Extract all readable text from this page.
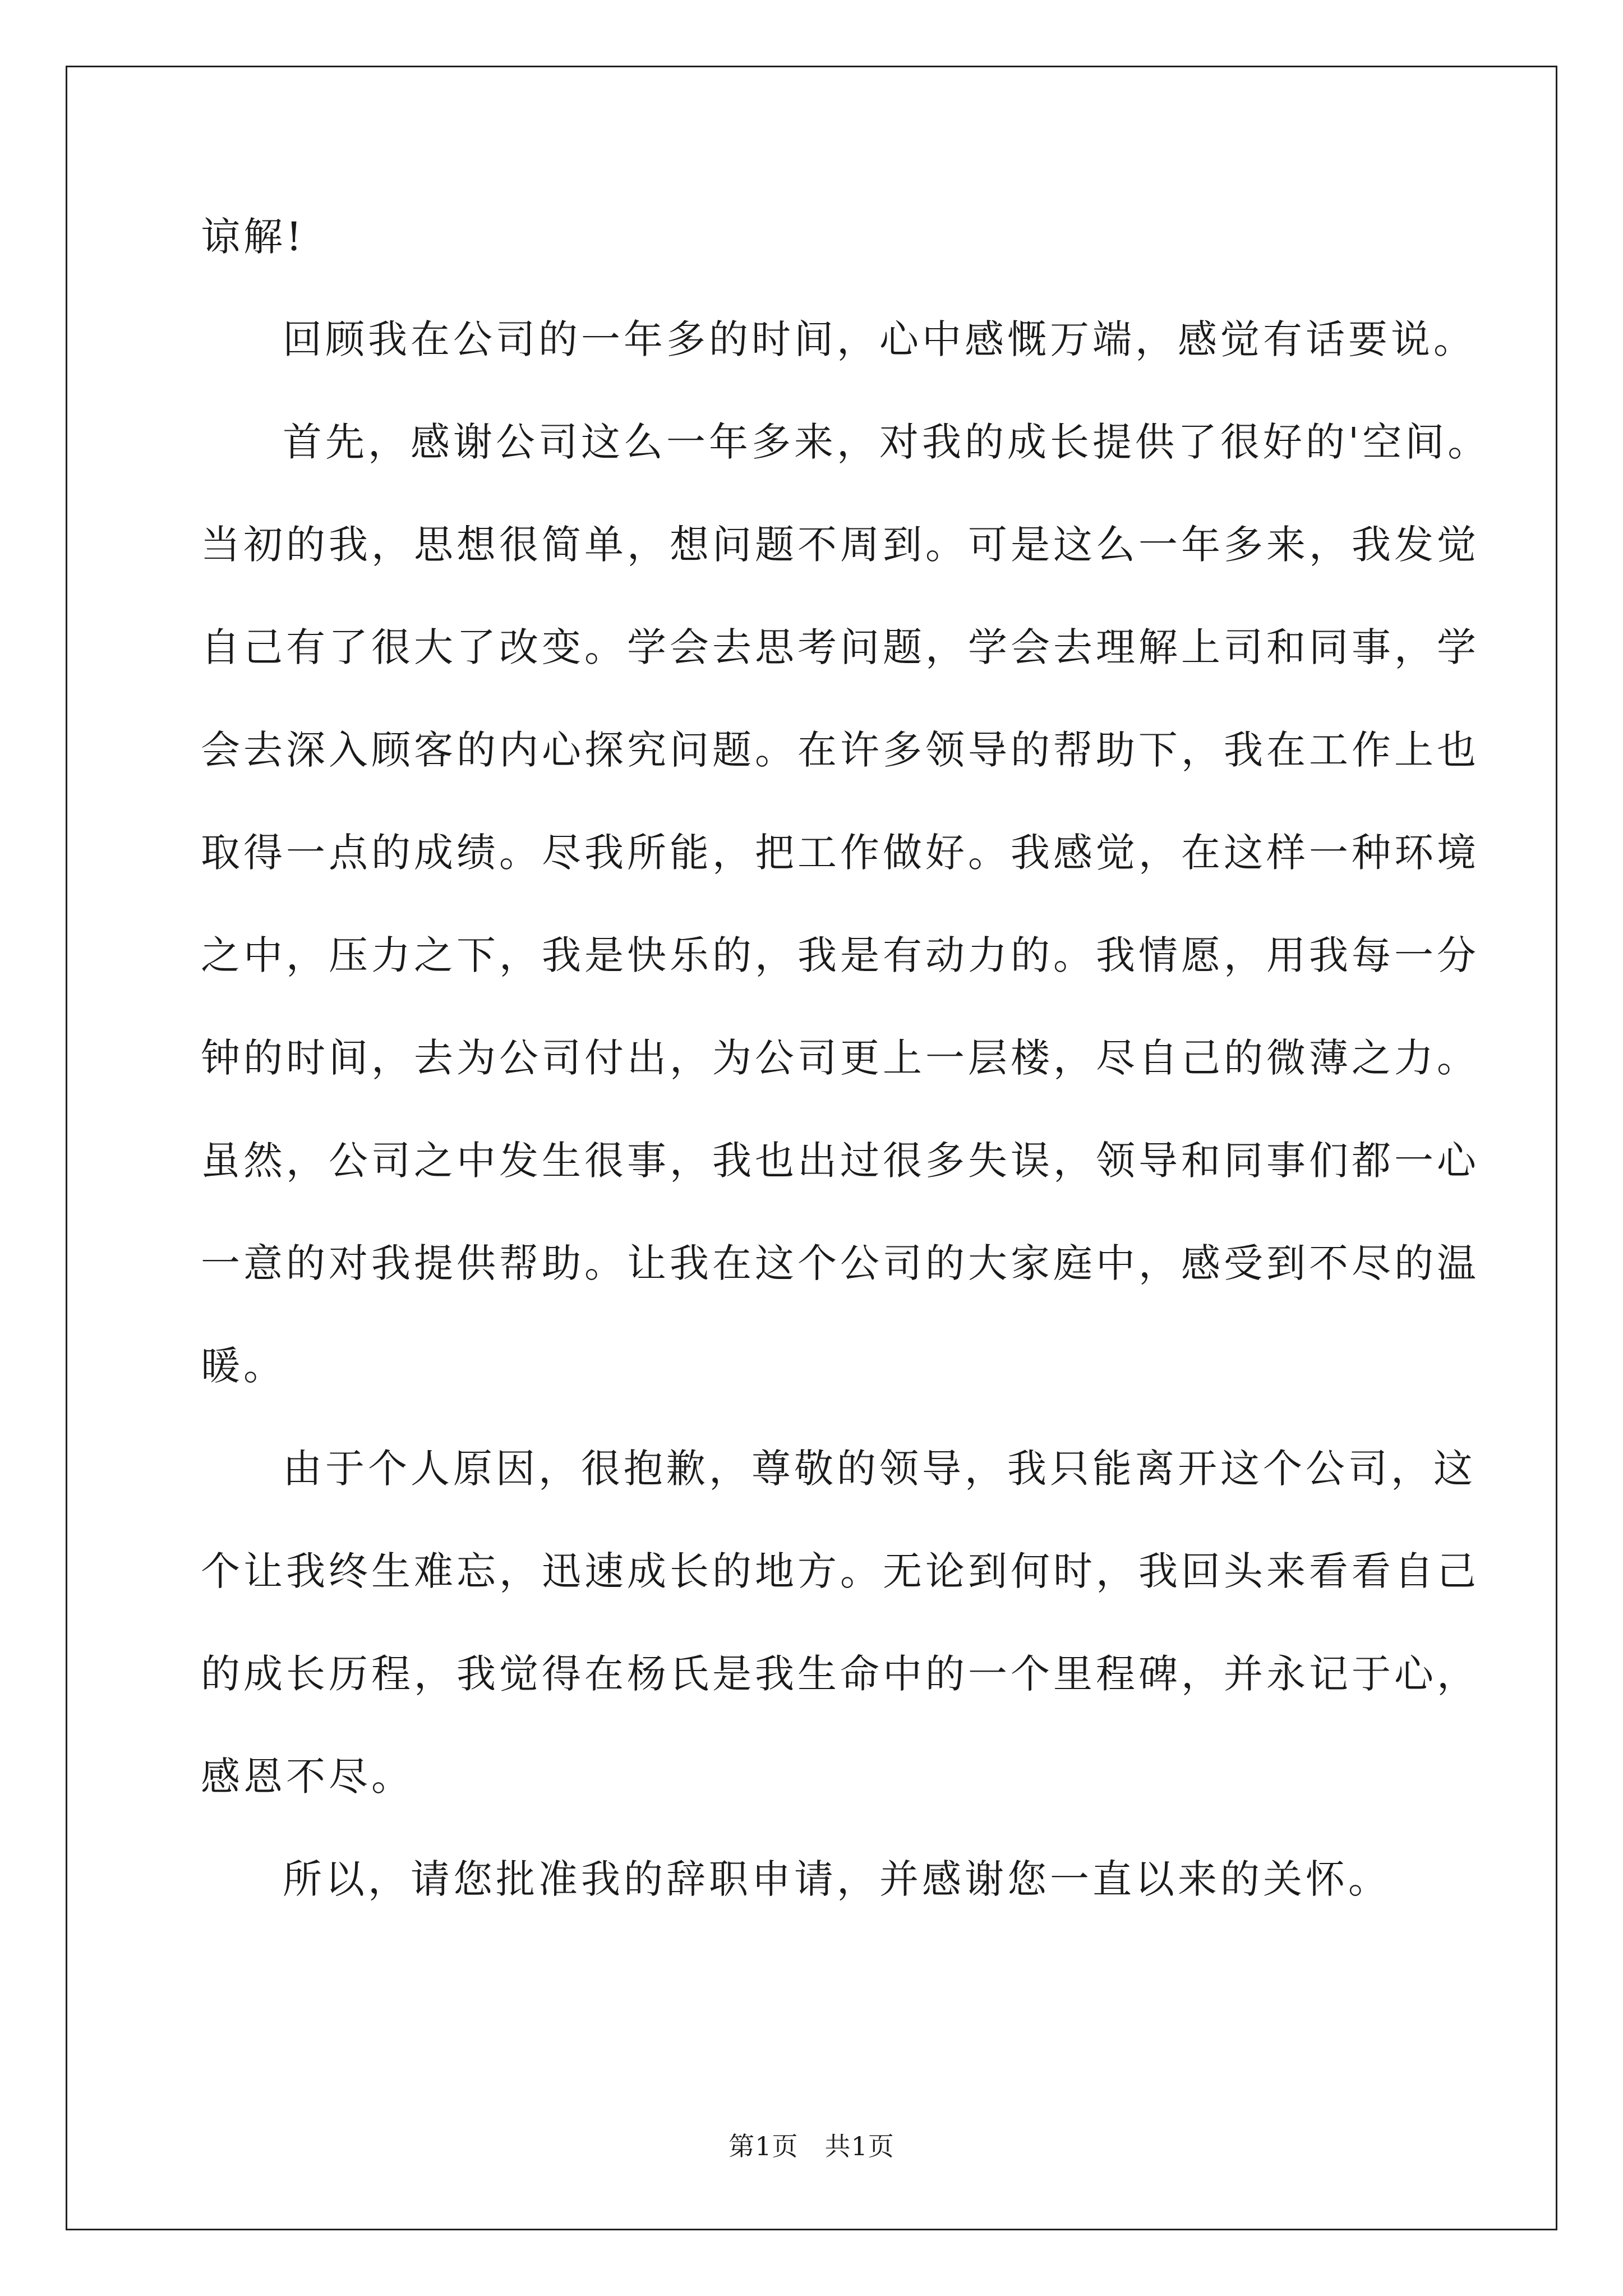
谅解!
回顾我在公司的一年多的时间，心中感慨万端，感觉有话要说。
首先，感谢公司这么一年多来，对我的成长提供了很好的'空间。
当初的我，思想很简单，想问题不周到。可是这么一年多来，我发觉
自己有了很大了改变。学会去思考问题，学会去理解上司和同事，学
会去深入顾客的内心探究问题。在许多领导的帮助下，我在工作上也
取得一点的成绩。尽我所能，把工作做好。我感觉，在这样一种环境
之中，压力之下，我是快乐的，我是有动力的。我情愿，用我每一分
钟的时间，去为公司付出，为公司更上一层楼，尽自己的微薄之力。
虽然，公司之中发生很事，我也出过很多失误，领导和同事们都一心
一意的对我提供帮助。让我在这个公司的大家庭中，感受到不尽的温
暖。
由于个人原因，很抱歉，尊敬的领导，我只能离开这个公司，这
个让我终生难忘，迅速成长的地方。无论到何时，我回头来看看自己
的成长历程，我觉得在杨氏是我生命中的一个里程碑，并永记于心，
感恩不尽。
所以，请您批准我的辞职申请，并感谢您一直以来的关怀。
第1页　共1页
